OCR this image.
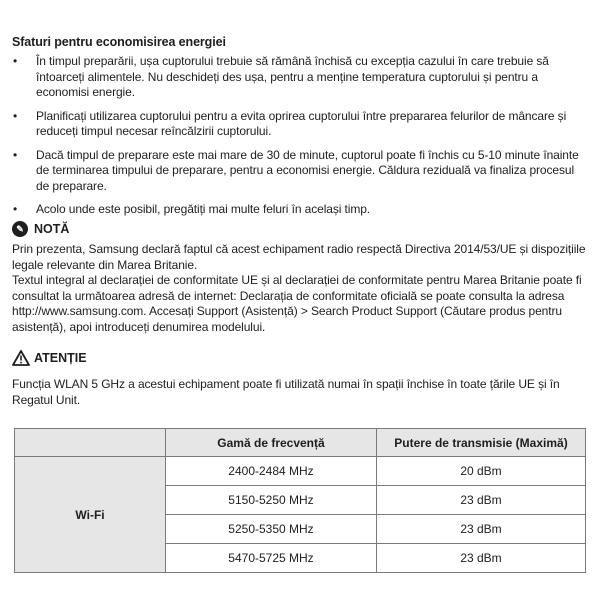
Sfaturi pentru economisirea energiei
• În timpul preparării, ușa cuptorului trebuie să rămână închisă cu excepția cazului în care trebuie să întoarceți alimentele. Nu deschideți des ușa, pentru a menține temperatura cuptorului și pentru a economisi energie.
• Planificați utilizarea cuptorului pentru a evita oprirea cuptorului între prepararea felurilor de mâncare și reduceți timpul necesar reîncălzirii cuptorului.
• Dacă timpul de preparare este mai mare de 30 de minute, cuptorul poate fi închis cu 5-10 minute înainte de terminarea timpului de preparare, pentru a economisi energie. Căldura reziduală va finaliza procesul de preparare.
• Acolo unde este posibil, pregătiți mai multe feluri în același timp.
✎ NOTĂ

Prin prezenta, Samsung declară faptul că acest echipament radio respectă Directiva 2014/53/UE și dispozițiile legale relevante din Marea Britanie.

Textul integral al declarației de conformitate UE și al declarației de conformitate pentru Marea Britanie poate fi consultat la următoarea adresă de internet: Declarația de conformitate oficială se poate consulta la adresa http://www.samsung.com. Accesați Support (Asistență) > Search Product Support (Căutare produs pentru asistență), apoi introduceți denumirea modelului.

ATENȚIE
Funcția WLAN 5 GHz a acestui echipament poate fi utilizată numai în spații închise în toate țările UE și în Regatul Unit.
	Gamă de frecvență	Putere de transmisie (Maximă)
Wi-Fi	2400-2484 MHz	20 dBm
	5150-5250 MHz	23 dBm
	5250-5350 MHz	23 dBm
	5470-5725 MHz	23 dBm
